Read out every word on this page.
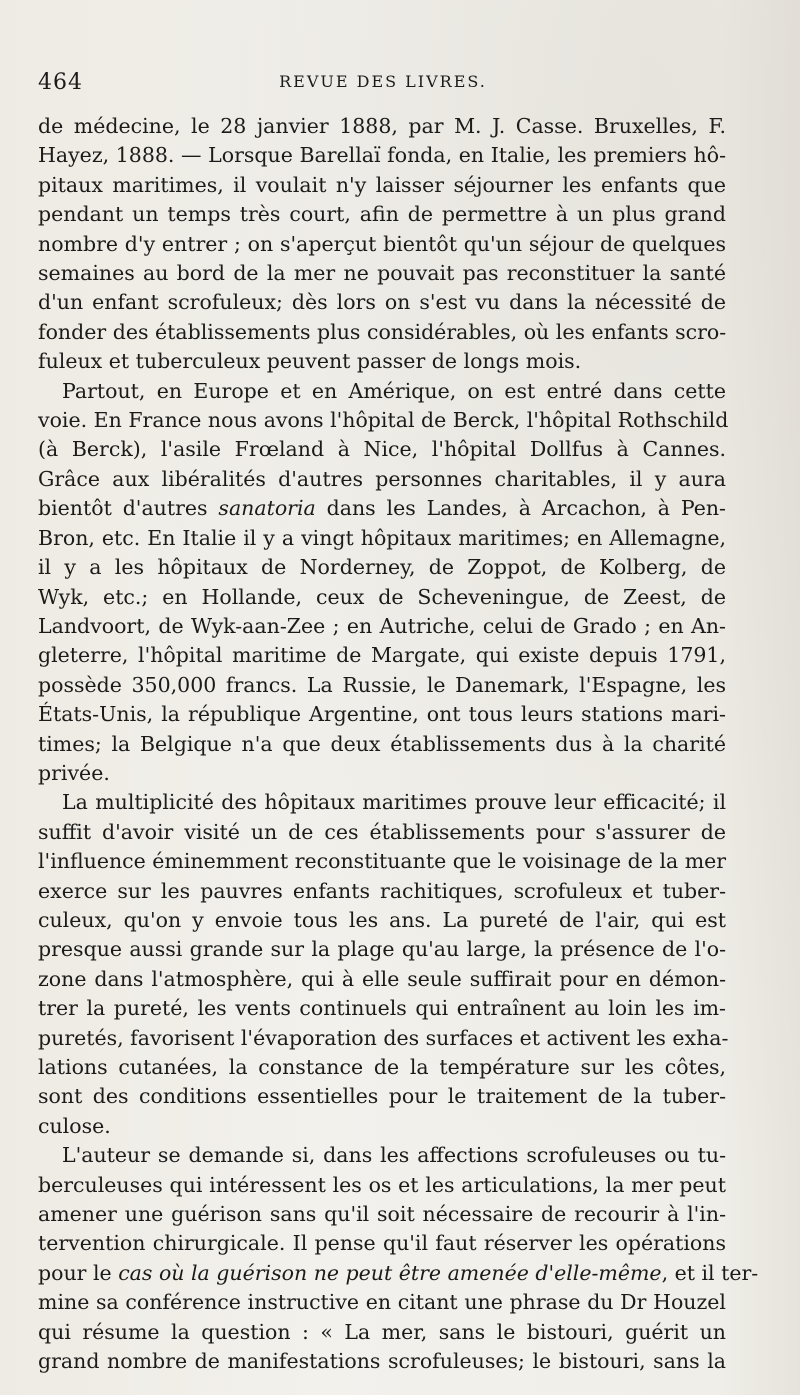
464	REVUE DES LIVRES.
de médecine, le 28 janvier 1888, par M. J. Casse. Bruxelles, F.
Hayez, 1888. — Lorsque Barellaï fonda, en Italie, les premiers hô-
pitaux maritimes, il voulait n'y laisser séjourner les enfants que
pendant un temps très court, afin de permettre à un plus grand
nombre d'y entrer ; on s'aperçut bientôt qu'un séjour de quelques
semaines au bord de la mer ne pouvait pas reconstituer la santé
d'un enfant scrofuleux; dès lors on s'est vu dans la nécessité de
fonder des établissements plus considérables, où les enfants scro-
fuleux et tuberculeux peuvent passer de longs mois.
Partout, en Europe et en Amérique, on est entré dans cette
voie. En France nous avons l'hôpital de Berck, l'hôpital Rothschild
(à Berck), l'asile Frœland à Nice, l'hôpital Dollfus à Cannes.
Grâce aux libéralités d'autres personnes charitables, il y aura
bientôt d'autres sanatoria dans les Landes, à Arcachon, à Pen-
Bron, etc. En Italie il y a vingt hôpitaux maritimes; en Allemagne,
il y a les hôpitaux de Norderney, de Zoppot, de Kolberg, de
Wyk, etc.; en Hollande, ceux de Scheveningue, de Zeest, de
Landvoort, de Wyk-aan-Zee ; en Autriche, celui de Grado ; en An-
gleterre, l'hôpital maritime de Margate, qui existe depuis 1791,
possède 350,000 francs. La Russie, le Danemark, l'Espagne, les
États-Unis, la république Argentine, ont tous leurs stations mari-
times; la Belgique n'a que deux établissements dus à la charité
privée.
La multiplicité des hôpitaux maritimes prouve leur efficacité; il
suffit d'avoir visité un de ces établissements pour s'assurer de
l'influence éminemment reconstituante que le voisinage de la mer
exerce sur les pauvres enfants rachitiques, scrofuleux et tuber-
culeux, qu'on y envoie tous les ans. La pureté de l'air, qui est
presque aussi grande sur la plage qu'au large, la présence de l'o-
zone dans l'atmosphère, qui à elle seule suffirait pour en démon-
trer la pureté, les vents continuels qui entraînent au loin les im-
puretés, favorisent l'évaporation des surfaces et activent les exha-
lations cutanées, la constance de la température sur les côtes,
sont des conditions essentielles pour le traitement de la tuber-
culose.
L'auteur se demande si, dans les affections scrofuleuses ou tu-
berculeuses qui intéressent les os et les articulations, la mer peut
amener une guérison sans qu'il soit nécessaire de recourir à l'in-
tervention chirurgicale. Il pense qu'il faut réserver les opérations
pour le cas où la guérison ne peut être amenée d'elle-même, et il ter-
mine sa conférence instructive en citant une phrase du Dr Houzel
qui résume la question : « La mer, sans le bistouri, guérit un
grand nombre de manifestations scrofuleuses; le bistouri, sans la
